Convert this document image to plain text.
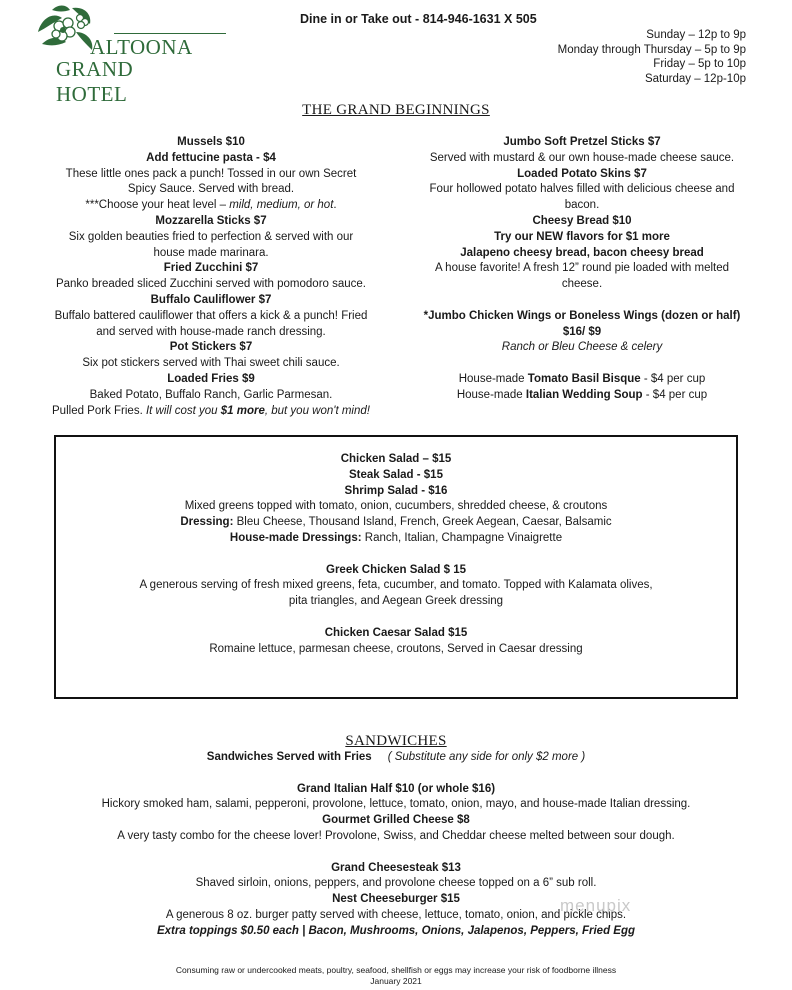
ALTOONA
GRAND HOTEL
Dine in or Take out - 814-946-1631 X 505
Sunday – 12p to 9p
Monday through Thursday – 5p to 9p
Friday – 5p to 10p
Saturday – 12p-10p
THE GRAND BEGINNINGS
Mussels $10
Add fettucine pasta - $4
These little ones pack a punch! Tossed in our own Secret Spicy Sauce. Served with bread.
***Choose your heat level – mild, medium, or hot.
Mozzarella Sticks $7
Six golden beauties fried to perfection & served with our house made marinara.
Fried Zucchini $7
Panko breaded sliced Zucchini served with pomodoro sauce. Buffalo Cauliflower $7
Buffalo battered cauliflower that offers a kick & a punch! Fried and served with house-made ranch dressing.
Pot Stickers $7
Six pot stickers served with Thai sweet chili sauce.
Loaded Fries $9
Baked Potato, Buffalo Ranch, Garlic Parmesan.
Pulled Pork Fries. It will cost you $1 more, but you won't mind!
Jumbo Soft Pretzel Sticks $7
Served with mustard & our own house-made cheese sauce.
Loaded Potato Skins $7
Four hollowed potato halves filled with delicious cheese and bacon.
Cheesy Bread $10
Try our NEW flavors for $1 more
Jalapeno cheesy bread, bacon cheesy bread
A house favorite! A fresh 12” round pie loaded with melted cheese.
*Jumbo Chicken Wings or Boneless Wings (dozen or half)
$16/ $9
Ranch or Bleu Cheese & celery
House-made Tomato Basil Bisque - $4 per cup
House-made Italian Wedding Soup - $4 per cup
Chicken Salad – $15
Steak Salad - $15
Shrimp Salad - $16
Mixed greens topped with tomato, onion, cucumbers, shredded cheese, & croutons
Dressing: Bleu Cheese, Thousand Island, French, Greek Aegean, Caesar, Balsamic
House-made Dressings: Ranch, Italian, Champagne Vinaigrette
Greek Chicken Salad $ 15
A generous serving of fresh mixed greens, feta, cucumber, and tomato. Topped with Kalamata olives, pita triangles, and Aegean Greek dressing
Chicken Caesar Salad $15
Romaine lettuce, parmesan cheese, croutons, Served in Caesar dressing
SANDWICHES
Sandwiches Served with Fries ( Substitute any side for only $2 more )
Grand Italian Half $10 (or whole $16)
Hickory smoked ham, salami, pepperoni, provolone, lettuce, tomato, onion, mayo, and house-made Italian dressing.
Gourmet Grilled Cheese $8
A very tasty combo for the cheese lover! Provolone, Swiss, and Cheddar cheese melted between sour dough.
Grand Cheesesteak $13
Shaved sirloin, onions, peppers, and provolone cheese topped on a 6” sub roll.
Nest Cheeseburger $15
A generous 8 oz. burger patty served with cheese, lettuce, tomato, onion, and pickle chips.
Extra toppings $0.50 each | Bacon, Mushrooms, Onions, Jalapenos, Peppers, Fried Egg
menupix
Consuming raw or undercooked meats, poultry, seafood, shellfish or eggs may increase your risk of foodborne illness
January 2021
